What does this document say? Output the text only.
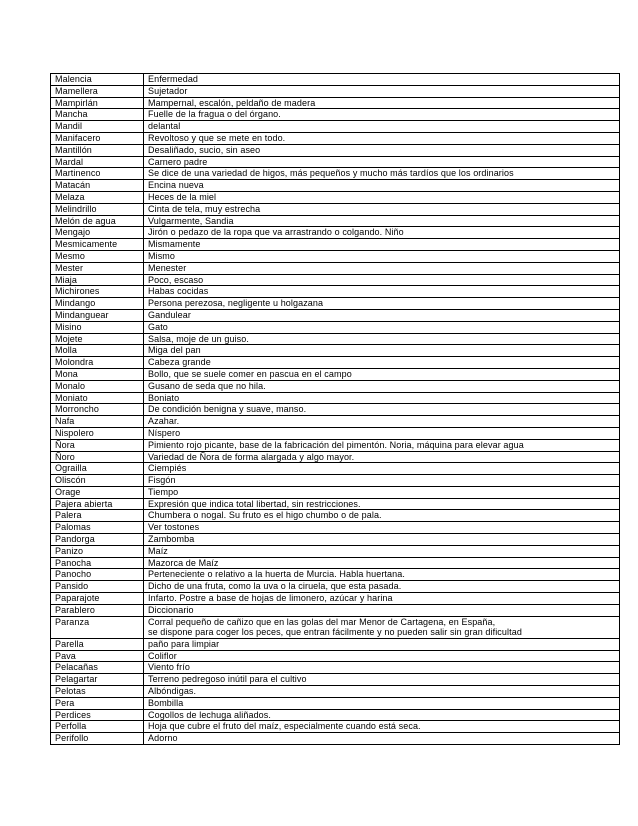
Malencia	Enfermedad
Mamellera	Sujetador
Mampirlán	Mampernal, escalón, peldaño de madera
Mancha	Fuelle de la fragua o del órgano.
Mandil	delantal
Manifacero	Revoltoso y que se mete en todo.
Mantillón	Desaliñado, sucio, sin aseo
Mardal	Carnero padre
Martinenco	Se dice de una variedad de higos, más pequeños y mucho más tardíos que los ordinarios
Matacán	Encina nueva
Melaza	Heces de la miel
Melindrillo	Cinta de tela, muy estrecha
Melón de agua	Vulgarmente, Sandia
Mengajo	Jirón o pedazo de la ropa que va arrastrando o colgando. Niño
Mesmicamente	Mismamente
Mesmo	Mismo
Mester	Menester
Miaja	Poco, escaso
Michirones	Habas cocidas
Mindango	Persona perezosa, negligente u holgazana
Mindanguear	Gandulear
Misino	Gato
Mojete	Salsa, moje de un guiso.
Molla	Miga del pan
Molondra	Cabeza grande
Mona	Bollo, que se suele comer en pascua en el campo
Monalo	Gusano de seda que no hila.
Moniato	Boniato
Morroncho	De condición benigna y suave, manso.
Nafa	Azahar.
Nispolero	Níspero
Ñora	Pimiento rojo picante, base de la fabricación del pimentón. Noria, máquina para elevar agua
Ñoro	Variedad de Ñora de forma alargada y algo mayor.
Ograilla	Ciempiés
Oliscón	Fisgón
Orage	Tiempo
Pajera abierta	Expresión que indica total libertad, sin restricciones.
Palera	Chumbera o nogal. Su fruto es el higo chumbo o de pala.
Palomas	Ver tostones
Pandorga	Zambomba
Panizo	Maíz
Panocha	Mazorca de Maíz
Panocho	Perteneciente o relativo a la huerta de Murcia. Habla huertana.
Pansido	Dicho de una fruta, como la uva o la ciruela, que esta pasada.
Paparajote	Infarto. Postre a base de hojas de limonero, azúcar y harina
Parablero	Diccionario
Paranza	Corral pequeño de cañizo que en las golas del mar Menor de Cartagena, en España,
se dispone para coger los peces, que entran fácilmente y no pueden salir sin gran dificultad
Parella	paño para limpiar
Pava	Coliflor
Pelacañas	Viento frío
Pelagartar	Terreno pedregoso inútil para el cultivo
Pelotas	Albóndigas.
Pera	Bombilla
Perdices	Cogollos de lechuga aliñados.
Perfolla	Hoja que cubre el fruto del maíz, especialmente cuando está seca.
Perifollo	Adorno
